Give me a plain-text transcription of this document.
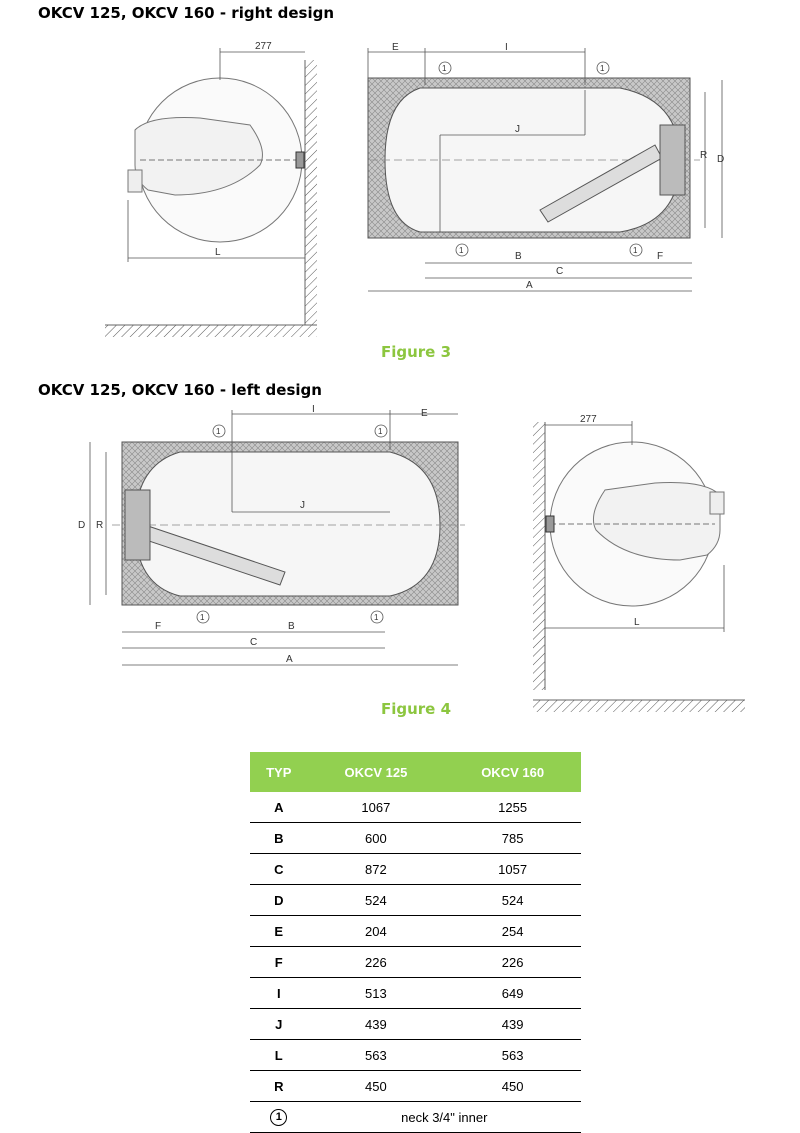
OKCV 125, OKCV 160 - right design
OKCV 125, OKCV 160 - left design
277
L
E	I
J
B	F
C
A
R D
1	1
1	1
Figure 3
I	E
J
F	B
C
A
D R
1	1
1	1
277
L
Figure 4
TYP	OKCV 125	OKCV 160
A	1067	1255
B	600	785
C	872	1057
D	524	524
E	204	254
F	226	226
I	513	649
J	439	439
L	563	563
R	450	450
1	neck 3/4" inner	
